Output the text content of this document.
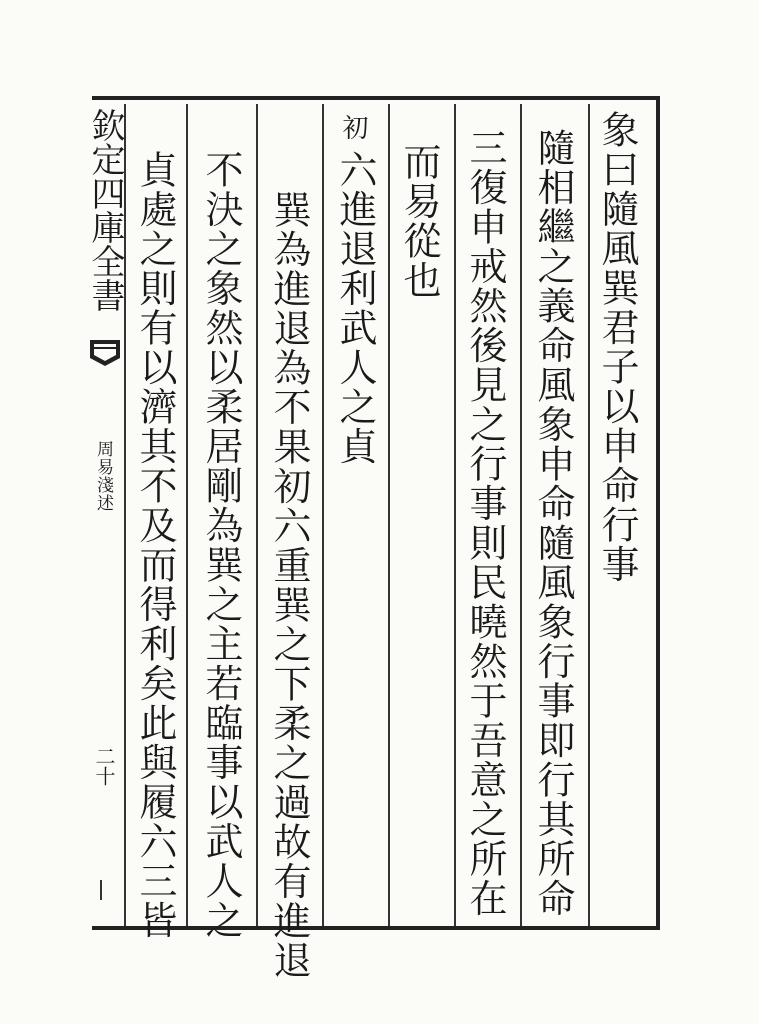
欽定四庫全書
周易淺述
二十
象曰隨風巽君子以申命行事
隨相繼之義命風象申命隨風象行事即行其所命
三復申戒然後見之行事則民曉然于吾意之所在
而易從也
初
六進退利武人之貞
巽為進退為不果初六重巽之下柔之過故有進退
不決之象然以柔居剛為巽之主若臨事以武人之
貞處之則有以濟其不及而得利矣此與履六三皆
